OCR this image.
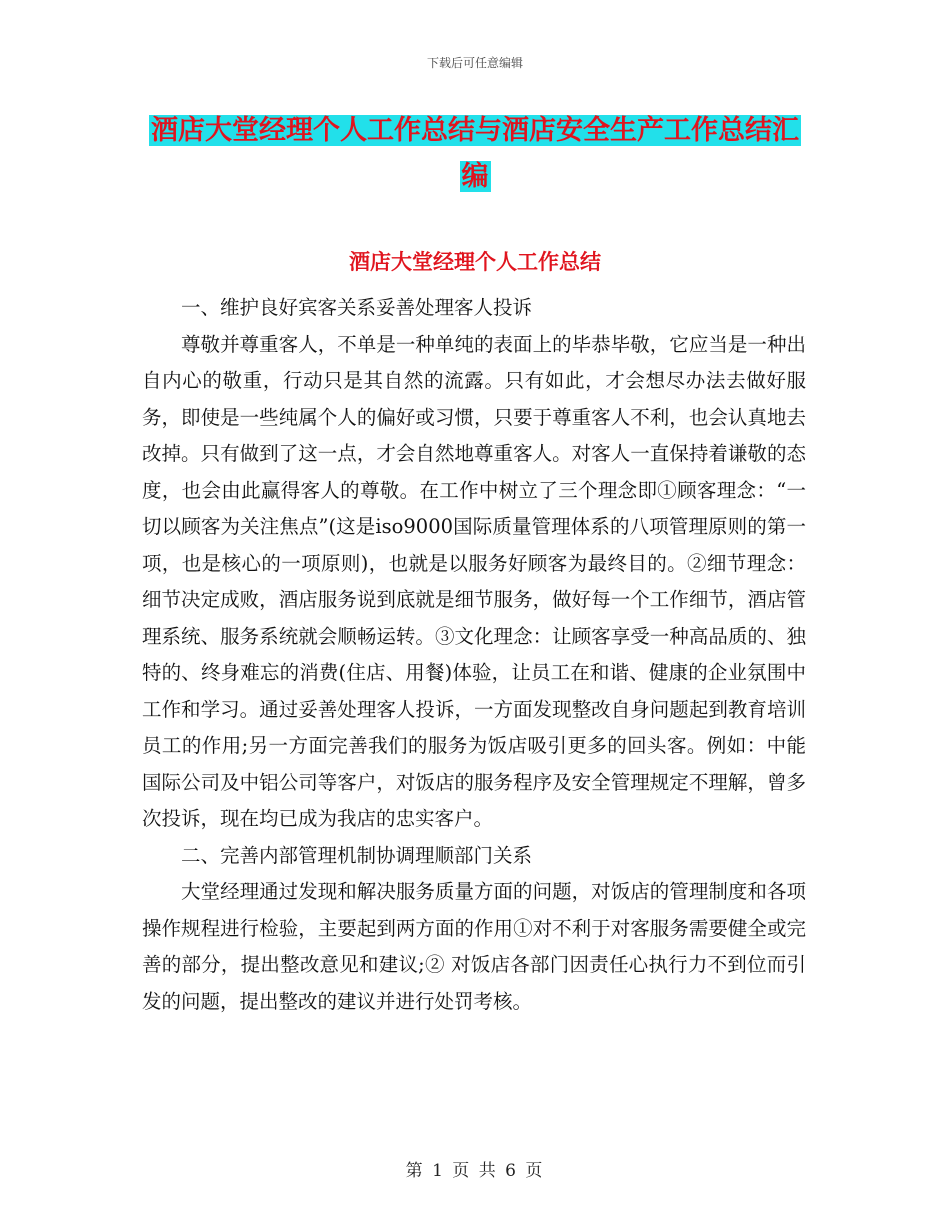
下载后可任意编辑
酒店大堂经理个人工作总结与酒店安全生产工作总结汇编
酒店大堂经理个人工作总结

一、维护良好宾客关系妥善处理客人投诉

尊敬并尊重客人，不单是一种单纯的表面上的毕恭毕敬，它应当是一种出自内心的敬重，行动只是其自然的流露。只有如此，才会想尽办法去做好服务，即使是一些纯属个人的偏好或习惯，只要于尊重客人不利，也会认真地去改掉。只有做到了这一点，才会自然地尊重客人。对客人一直保持着谦敬的态度，也会由此赢得客人的尊敬。在工作中树立了三个理念即①顾客理念：“一切以顾客为关注焦点”(这是iso9000国际质量管理体系的八项管理原则的第一项，也是核心的一项原则)，也就是以服务好顾客为最终目的。②细节理念：细节决定成败，酒店服务说到底就是细节服务，做好每一个工作细节，酒店管理系统、服务系统就会顺畅运转。③文化理念：让顾客享受一种高品质的、独特的、终身难忘的消费(住店、用餐)体验，让员工在和谐、健康的企业氛围中工作和学习。通过妥善处理客人投诉，一方面发现整改自身问题起到教育培训员工的作用;另一方面完善我们的服务为饭店吸引更多的回头客。例如：中能国际公司及中铝公司等客户，对饭店的服务程序及安全管理规定不理解，曾多次投诉，现在均已成为我店的忠实客户。

二、完善内部管理机制协调理顺部门关系

大堂经理通过发现和解决服务质量方面的问题，对饭店的管理制度和各项操作规程进行检验，主要起到两方面的作用①对不利于对客服务需要健全或完善的部分，提出整改意见和建议;② 对饭店各部门因责任心执行力不到位而引发的问题，提出整改的建议并进行处罚考核。

第 1 页 共 6 页
